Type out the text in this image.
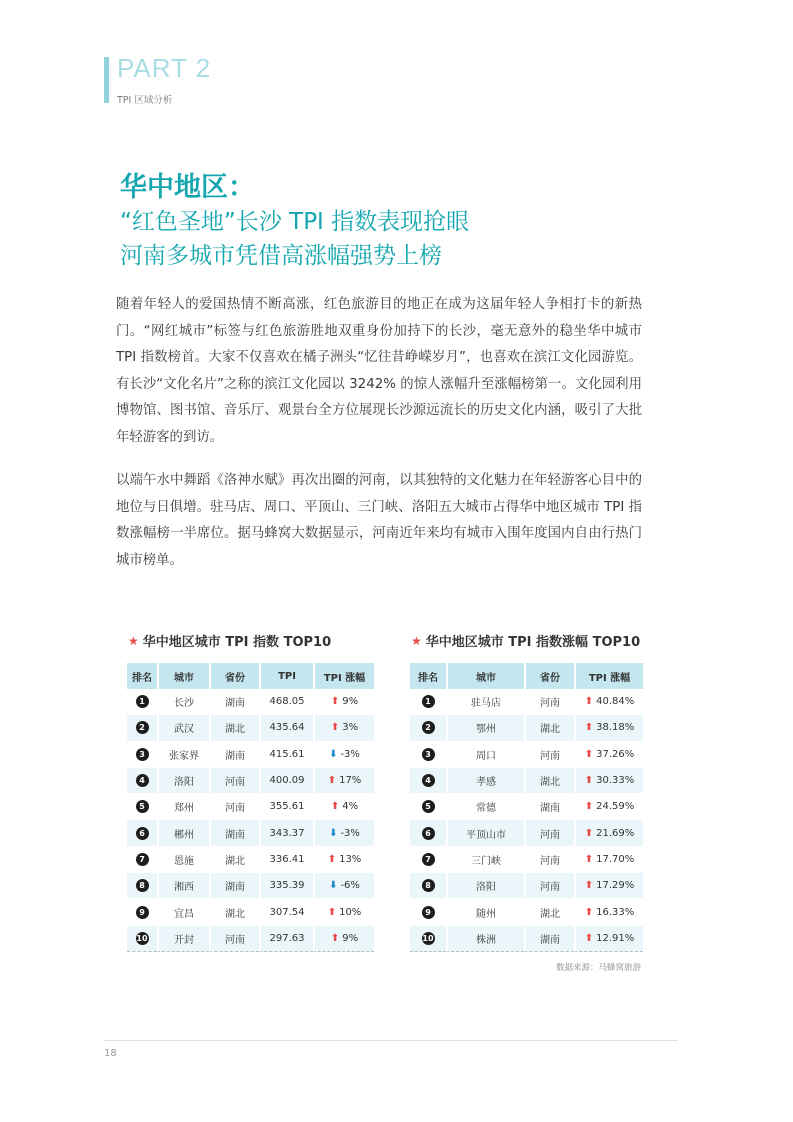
PART 2
TPI 区域分析
华中地区：
“红色圣地”长沙 TPI 指数表现抢眼
河南多城市凭借高涨幅强势上榜

随着年轻人的爱国热情不断高涨，红色旅游目的地正在成为这届年轻人争相打卡的新热门。“网红城市”标签与红色旅游胜地双重身份加持下的长沙，毫无意外的稳坐华中城市 TPI 指数榜首。大家不仅喜欢在橘子洲头“忆往昔峥嵘岁月”，也喜欢在滨江文化园游览。有长沙“文化名片”之称的滨江文化园以 3242% 的惊人涨幅升至涨幅榜第一。文化园利用博物馆、图书馆、音乐厅、观景台全方位展现长沙源远流长的历史文化内涵，吸引了大批年轻游客的到访。

以端午水中舞蹈《洛神水赋》再次出圈的河南，以其独特的文化魅力在年轻游客心目中的地位与日俱增。驻马店、周口、平顶山、三门峡、洛阳五大城市占得华中地区城市 TPI 指数涨幅榜一半席位。据马蜂窝大数据显示，河南近年来均有城市入围年度国内自由行热门城市榜单。

★ 华中地区城市 TPI 指数 TOP10	★ 华中地区城市 TPI 指数涨幅 TOP10
排名	城市	省份	TPI	TPI 涨幅
1	长沙	湖南	468.05	⬆ 9%

2	武汉	湖北	435.64	⬆ 3%

3	张家界	湖南	415.61	⬇ -3%

4	洛阳	河南	400.09	⬆ 17%

5	郑州	河南	355.61	⬆ 4%

6	郴州	湖南	343.37	⬇ -3%

7	恩施	湖北	336.41	⬆ 13%

8	湘西	湖南	335.39	⬇ -6%

9	宜昌	湖北	307.54	⬆ 10%

10	开封	河南	297.63	⬆ 9%
排名	城市	省份	TPI 涨幅
1	驻马店	河南	⬆ 40.84%

2	鄂州	湖北	⬆ 38.18%

3	周口	河南	⬆ 37.26%

4	孝感	湖北	⬆ 30.33%

5	常德	湖南	⬆ 24.59%

6	平顶山市	河南	⬆ 21.69%

7	三门峡	河南	⬆ 17.70%

8	洛阳	河南	⬆ 17.29%

9	随州	湖北	⬆ 16.33%

10	株洲	湖南	⬆ 12.91%
数据来源：马蜂窝旅游
18
